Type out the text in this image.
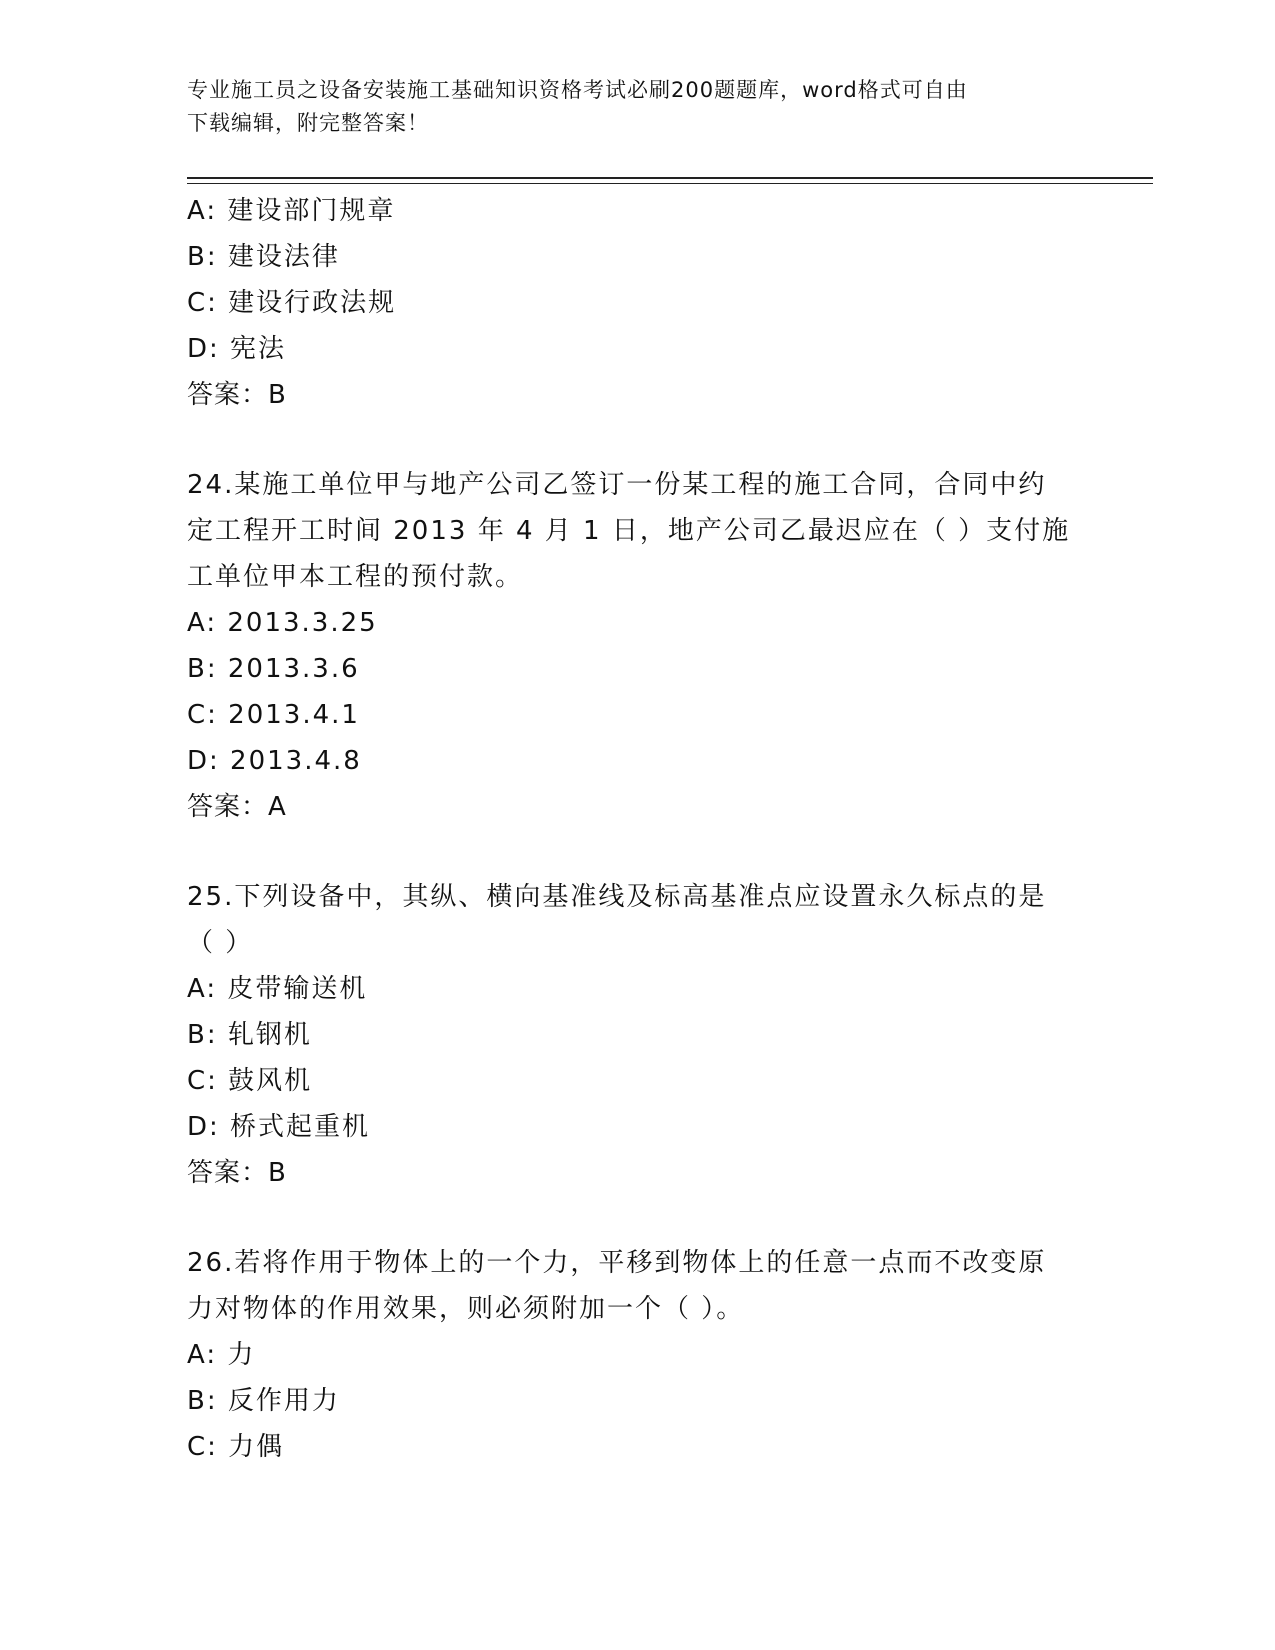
专业施工员之设备安装施工基础知识资格考试必刷200题题库，word格式可自由
下载编辑，附完整答案！
A: 建设部门规章
B: 建设法律
C: 建设行政法规
D: 宪法
答案：B
24.某施工单位甲与地产公司乙签订一份某工程的施工合同，合同中约
定工程开工时间 2013 年 4 月 1 日，地产公司乙最迟应在（ ）支付施
工单位甲本工程的预付款。
A: 2013.3.25
B: 2013.3.6
C: 2013.4.1
D: 2013.4.8
答案：A
25.下列设备中，其纵、横向基准线及标高基准点应设置永久标点的是
（ ）
A: 皮带输送机
B: 轧钢机
C: 鼓风机
D: 桥式起重机
答案：B
26.若将作用于物体上的一个力，平移到物体上的任意一点而不改变原
力对物体的作用效果，则必须附加一个（ ）。
A: 力
B: 反作用力
C: 力偶
